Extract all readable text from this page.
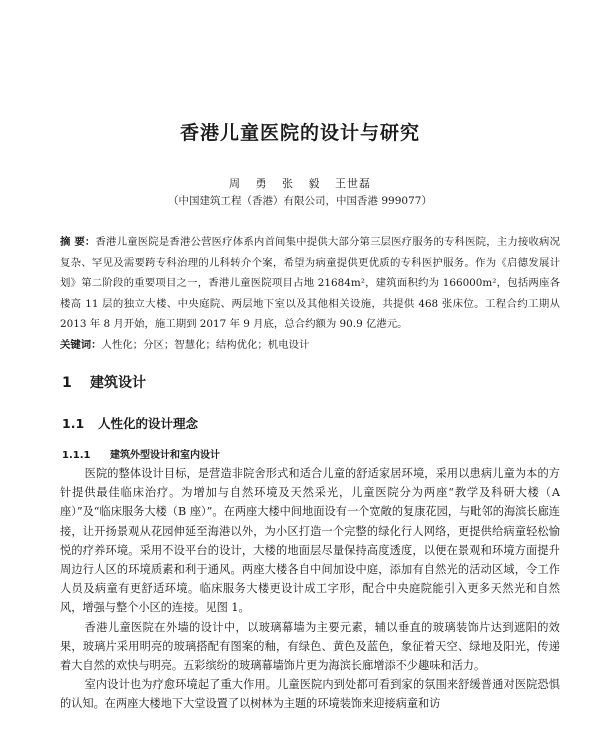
香港儿童医院的设计与研究
周 勇 张 毅 王世磊
（中国建筑工程（香港）有限公司，中国香港 999077）
摘 要：香港儿童医院是香港公营医疗体系内首间集中提供大部分第三层医疗服务的专科医院，主力接收病况复杂、罕见及需要跨专科治理的儿科转介个案，希望为病童提供更优质的专科医护服务。作为《启德发展计划》第二阶段的重要项目之一，香港儿童医院项目占地 21684m²，建筑面积约为 166000m²，包括两座各楼高 11 层的独立大楼、中央庭院、两层地下室以及其他相关设施，共提供 468 张床位。工程合约工期从 2013 年 8 月开始，施工期到 2017 年 9 月底，总合约额为 90.9 亿港元。
关键词：人性化；分区；智慧化；结构优化；机电设计
1 建筑设计
1.1 人性化的设计理念
1.1.1 建筑外型设计和室内设计

医院的整体设计目标，是营造非院舍形式和适合儿童的舒适家居环境，采用以患病儿童为本的方针提供最佳临床治疗。为增加与自然环境及天然采光，儿童医院分为两座“教学及科研大楼（A 座）”及“临床服务大楼（B 座）”。在两座大楼中间地面设有一个宽敞的复康花园，与毗邻的海滨长廊连接，让开扬景观从花园伸延至海港以外，为小区打造一个完整的绿化行人网络，更提供给病童轻松愉悦的疗养环境。采用不设平台的设计，大楼的地面层尽量保持高度透度，以便在景观和环境方面提升周边行人区的环境质素和利于通风。两座大楼各自中间加设中庭，添加有自然光的活动区域，令工作人员及病童有更舒适环境。临床服务大楼更设计成工字形，配合中央庭院能引入更多天然光和自然风，增强与整个小区的连接。见图 1。

香港儿童医院在外墙的设计中，以玻璃幕墙为主要元素，辅以垂直的玻璃装饰片达到遮阳的效果，玻璃片采用明亮的玻璃搭配有图案的釉，有绿色、黄色及蓝色，象征着天空、绿地及阳光，传递着大自然的欢快与明亮。五彩缤纷的玻璃幕墙饰片更为海滨长廊增添不少趣味和活力。

室内设计也为疗愈环境起了重大作用。儿童医院内到处都可看到家的氛围来舒缓普通对医院恐惧的认知。在两座大楼地下大堂设置了以树林为主题的环境装饰来迎接病童和访
